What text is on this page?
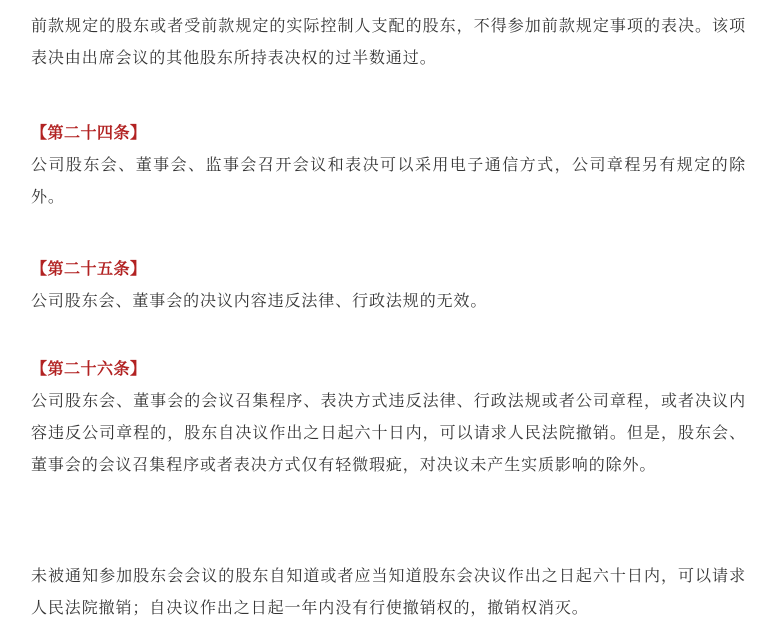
前款规定的股东或者受前款规定的实际控制人支配的股东，不得参加前款规定事项的表决。该项表决由出席会议的其他股东所持表决权的过半数通过。

【第二十四条】

公司股东会、董事会、监事会召开会议和表决可以采用电子通信方式，公司章程另有规定的除外。

【第二十五条】

公司股东会、董事会的决议内容违反法律、行政法规的无效。

【第二十六条】

公司股东会、董事会的会议召集程序、表决方式违反法律、行政法规或者公司章程，或者决议内容违反公司章程的，股东自决议作出之日起六十日内，可以请求人民法院撤销。但是，股东会、董事会的会议召集程序或者表决方式仅有轻微瑕疵，对决议未产生实质影响的除外。

未被通知参加股东会会议的股东自知道或者应当知道股东会决议作出之日起六十日内，可以请求人民法院撤销；自决议作出之日起一年内没有行使撤销权的，撤销权消灭。
